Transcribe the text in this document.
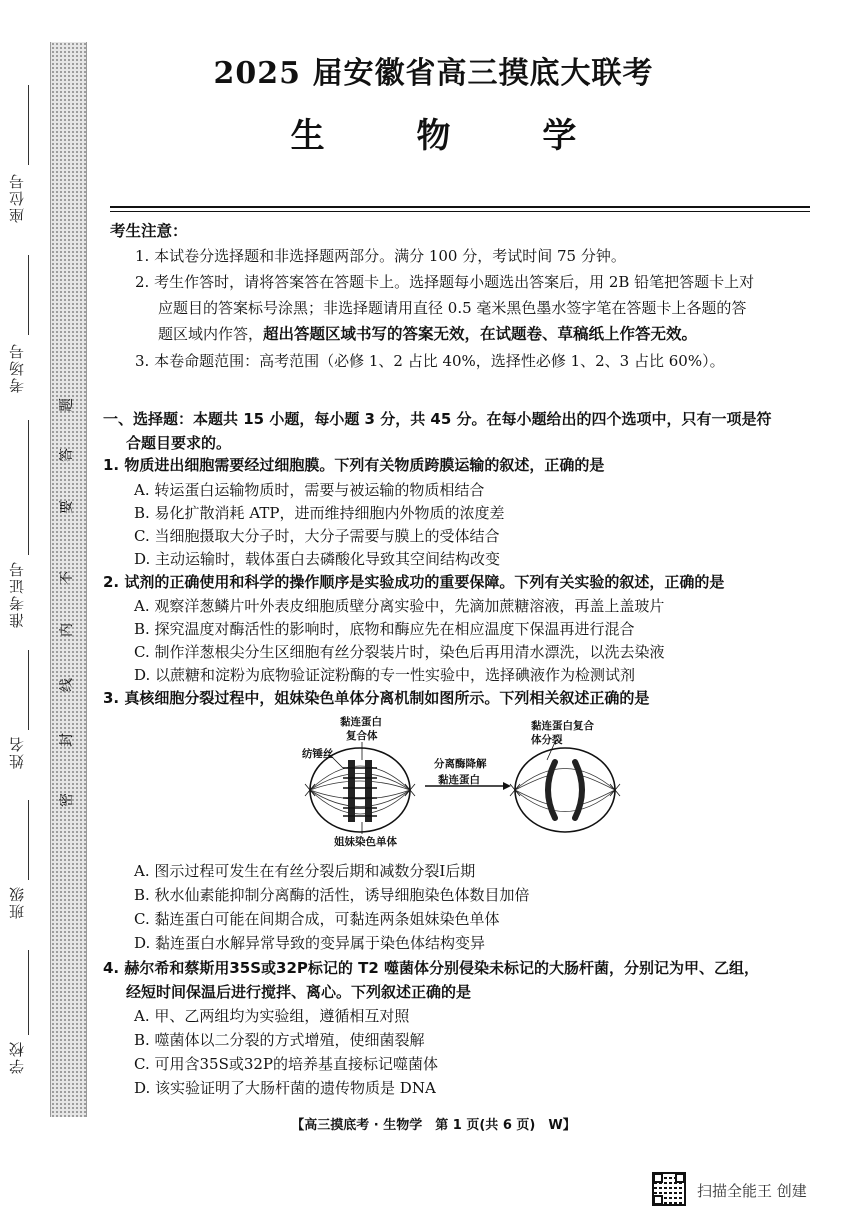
座位号
考场号
准考证号
姓名
班级
学校
题
答
要
不
内
线
封
密
2025 届安徽省高三摸底大联考
生 物 学
考生注意：
1. 本试卷分选择题和非选择题两部分。满分 100 分，考试时间 75 分钟。
2. 考生作答时，请将答案答在答题卡上。选择题每小题选出答案后，用 2B 铅笔把答题卡上对
应题目的答案标号涂黑；非选择题请用直径 0.5 毫米黑色墨水签字笔在答题卡上各题的答
题区域内作答，超出答题区域书写的答案无效，在试题卷、草稿纸上作答无效。
3. 本卷命题范围：高考范围（必修 1、2 占比 40%，选择性必修 1、2、3 占比 60%）。
一、选择题：本题共 15 小题，每小题 3 分，共 45 分。在每小题给出的四个选项中，只有一项是符
合题目要求的。
1. 物质进出细胞需要经过细胞膜。下列有关物质跨膜运输的叙述，正确的是
A. 转运蛋白运输物质时，需要与被运输的物质相结合
B. 易化扩散消耗 ATP，进而维持细胞内外物质的浓度差
C. 当细胞摄取大分子时，大分子需要与膜上的受体结合
D. 主动运输时，载体蛋白去磷酸化导致其空间结构改变
2. 试剂的正确使用和科学的操作顺序是实验成功的重要保障。下列有关实验的叙述，正确的是
A. 观察洋葱鳞片叶外表皮细胞质壁分离实验中，先滴加蔗糖溶液，再盖上盖玻片
B. 探究温度对酶活性的影响时，底物和酶应先在相应温度下保温再进行混合
C. 制作洋葱根尖分生区细胞有丝分裂装片时，染色后再用清水漂洗，以洗去染液
D. 以蔗糖和淀粉为底物验证淀粉酶的专一性实验中，选择碘液作为检测试剂
3. 真核细胞分裂过程中，姐妹染色单体分离机制如图所示。下列相关叙述正确的是
黏连蛋白
复合体
纺锤丝
分离酶降解
黏连蛋白
姐妹染色单体
黏连蛋白复合
体分裂
A. 图示过程可发生在有丝分裂后期和减数分裂Ⅰ后期
B. 秋水仙素能抑制分离酶的活性，诱导细胞染色体数目加倍
C. 黏连蛋白可能在间期合成，可黏连两条姐妹染色单体
D. 黏连蛋白水解异常导致的变异属于染色体结构变异
4. 赫尔希和蔡斯用35S或32P标记的 T2 噬菌体分别侵染未标记的大肠杆菌，分别记为甲、乙组，
经短时间保温后进行搅拌、离心。下列叙述正确的是
A. 甲、乙两组均为实验组，遵循相互对照
B. 噬菌体以二分裂的方式增殖，使细菌裂解
C. 可用含35S或32P的培养基直接标记噬菌体
D. 该实验证明了大肠杆菌的遗传物质是 DNA
【高三摸底考 · 生物学　第 1 页(共 6 页)　W】
扫描全能王 创建
